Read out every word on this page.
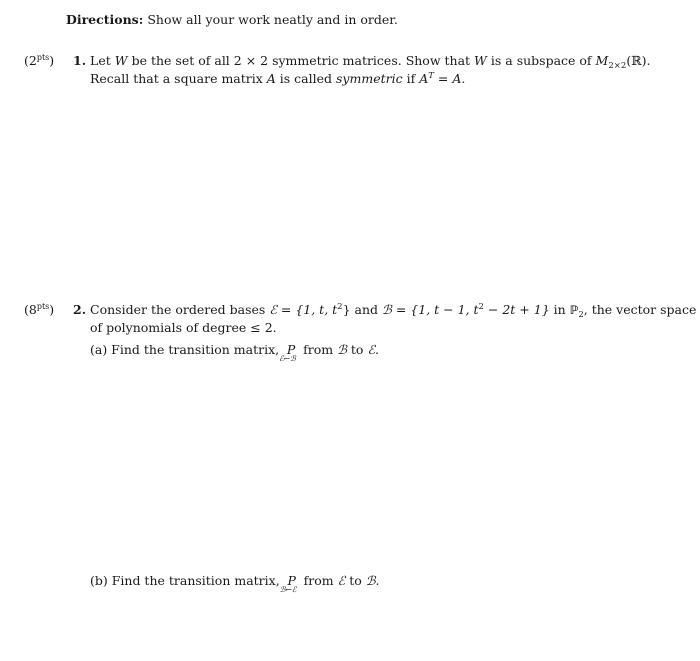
Directions: Show all your work neatly and in order.
$(2^{pts})$ 1. Let W be the set of all 2 × 2 symmetric matrices. Show that W is a subspace of $M_{2\times 2}(ℝ)$.
Recall that a square matrix A is called symmetric if $A^T = A$.
$(8^{pts})$ 2. Consider the ordered bases ℰ = {1, t, $t^2$} and ℬ = {1, t − 1, $t^2 - 2t + 1$} in ℙ$_2$, the vector space
of polynomials of degree ≤ 2.
(a) Find the transition matrix, P
ℰ←ℬ
from ℬ to ℰ.
(b) Find the transition matrix, P
ℬ←ℰ
from ℰ to ℬ.
